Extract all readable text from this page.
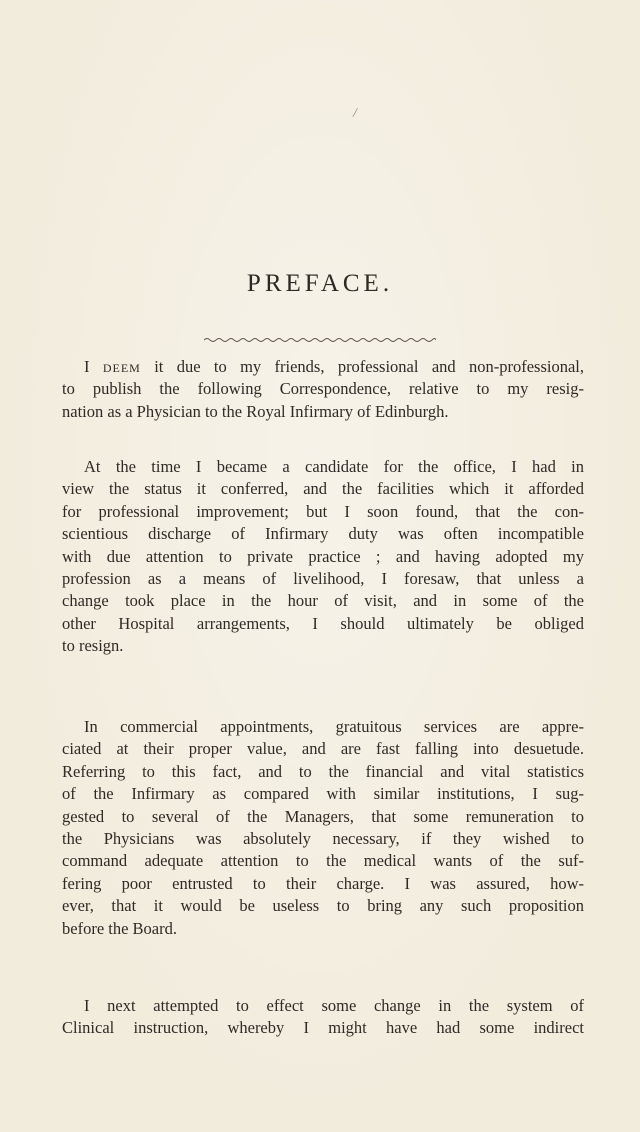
/
PREFACE.

I deem it due to my friends, professional and non-professional,
to publish the following Correspondence, relative to my resig-
nation as a Physician to the Royal Infirmary of Edinburgh.

At the time I became a candidate for the office, I had in
view the status it conferred, and the facilities which it afforded
for professional improvement; but I soon found, that the con-
scientious discharge of Infirmary duty was often incompatible
with due attention to private practice ; and having adopted my
profession as a means of livelihood, I foresaw, that unless a
change took place in the hour of visit, and in some of the
other Hospital arrangements, I should ultimately be obliged
to resign.

In commercial appointments, gratuitous services are appre-
ciated at their proper value, and are fast falling into desuetude.
Referring to this fact, and to the financial and vital statistics
of the Infirmary as compared with similar institutions, I sug-
gested to several of the Managers, that some remuneration to
the Physicians was absolutely necessary, if they wished to
command adequate attention to the medical wants of the suf-
fering poor entrusted to their charge. I was assured, how-
ever, that it would be useless to bring any such proposition
before the Board.

I next attempted to effect some change in the system of
Clinical instruction, whereby I might have had some indirect
